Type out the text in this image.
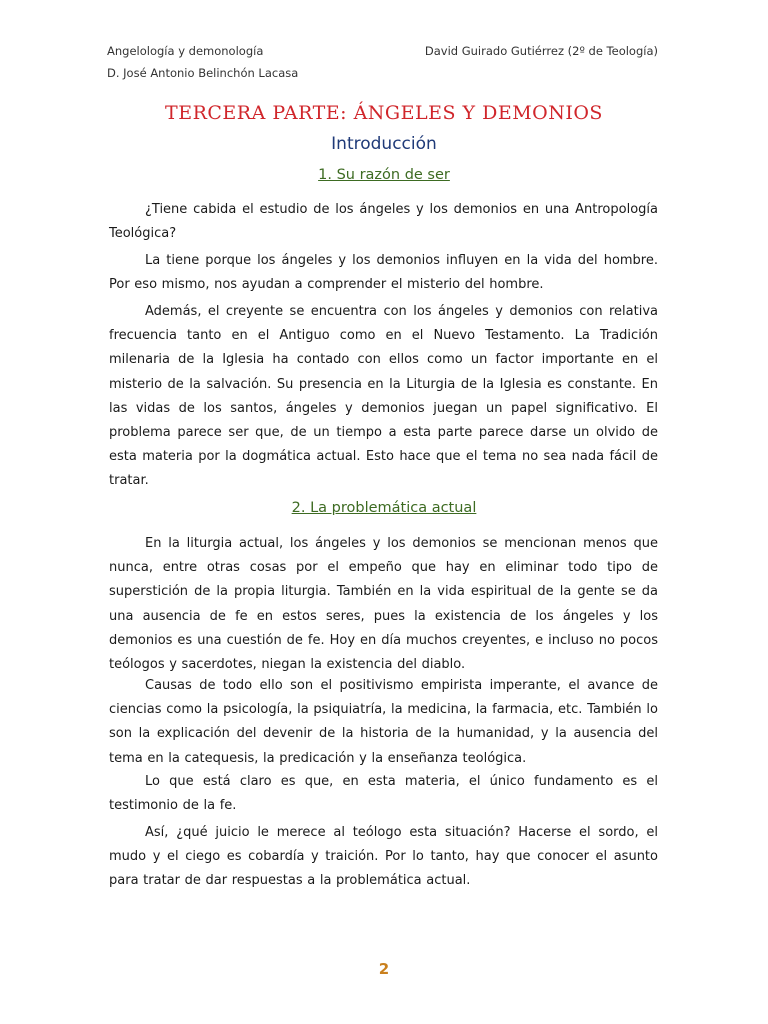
Angelología y demonología
D. José Antonio Belinchón Lacasa
David Guirado Gutiérrez (2º de Teología)
TERCERA PARTE: ÁNGELES Y DEMONIOS
Introducción
1. Su razón de ser
¿Tiene cabida el estudio de los ángeles y los demonios en una Antropología Teológica?
La tiene porque los ángeles y los demonios influyen en la vida del hombre. Por eso mismo, nos ayudan a comprender el misterio del hombre.
Además, el creyente se encuentra con los ángeles y demonios con relativa frecuencia tanto en el Antiguo como en el Nuevo Testamento. La Tradición milenaria de la Iglesia ha contado con ellos como un factor importante en el misterio de la salvación. Su presencia en la Liturgia de la Iglesia es constante. En las vidas de los santos, ángeles y demonios juegan un papel significativo. El problema parece ser que, de un tiempo a esta parte parece darse un olvido de esta materia por la dogmática actual. Esto hace que el tema no sea nada fácil de tratar.
2. La problemática actual
En la liturgia actual, los ángeles y los demonios se mencionan menos que nunca, entre otras cosas por el empeño que hay en eliminar todo tipo de superstición de la propia liturgia. También en la vida espiritual de la gente se da una ausencia de fe en estos seres, pues la existencia de los ángeles y los demonios es una cuestión de fe. Hoy en día muchos creyentes, e incluso no pocos teólogos y sacerdotes, niegan la existencia del diablo.
Causas de todo ello son el positivismo empirista imperante, el avance de ciencias como la psicología, la psiquiatría, la medicina, la farmacia, etc. También lo son la explicación del devenir de la historia de la humanidad, y la ausencia del tema en la catequesis, la predicación y la enseñanza teológica.
Lo que está claro es que, en esta materia, el único fundamento es el testimonio de la fe.
Así, ¿qué juicio le merece al teólogo esta situación? Hacerse el sordo, el mudo y el ciego es cobardía y traición. Por lo tanto, hay que conocer el asunto para tratar de dar respuestas a la problemática actual.
2
